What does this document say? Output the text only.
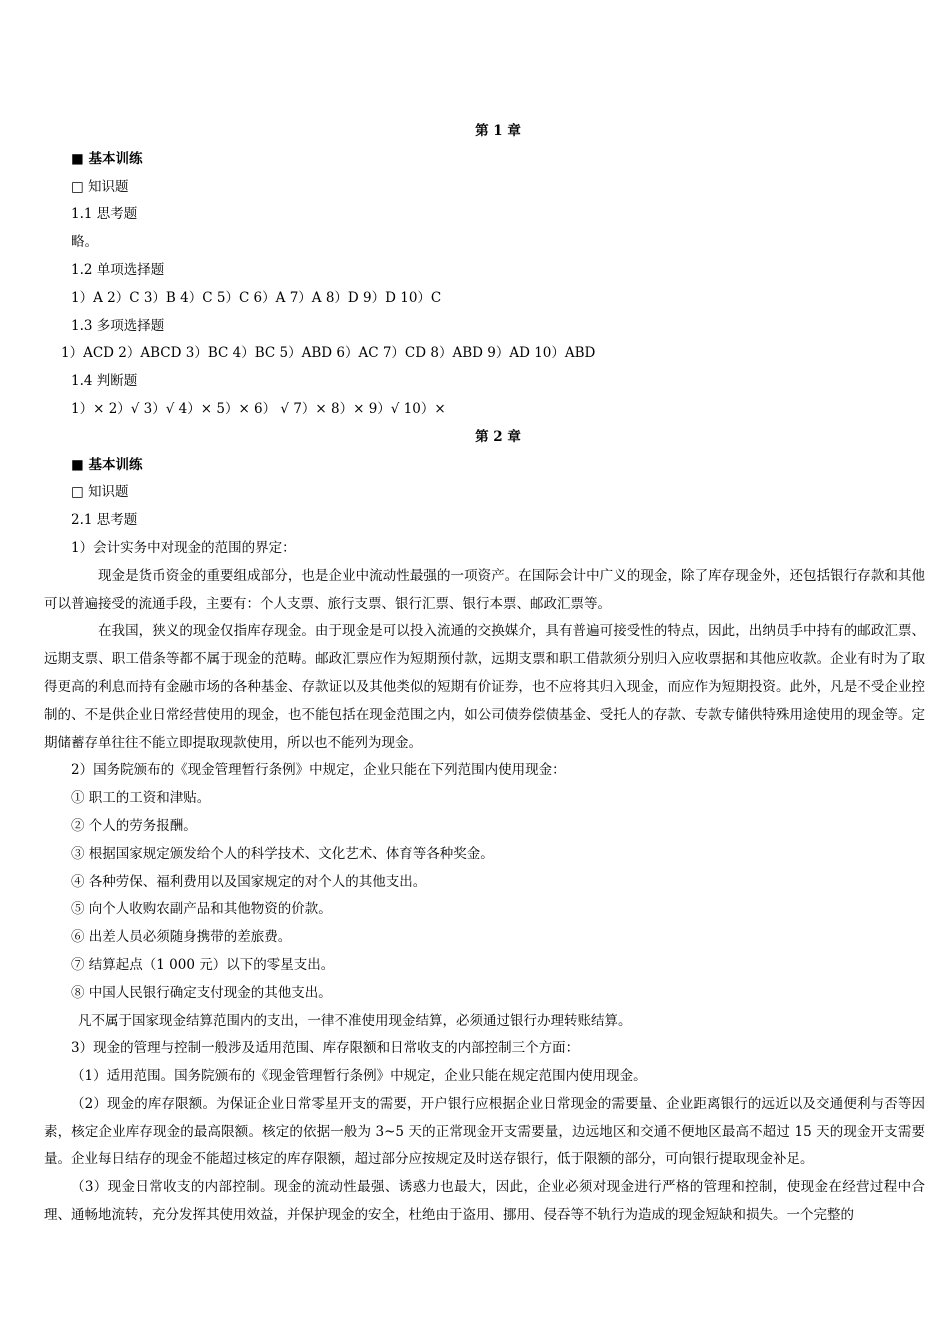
第 1 章
■ 基本训练
□ 知识题
1.1 思考题
略。
1.2 单项选择题
1）A 2）C 3）B 4）C 5）C 6）A 7）A 8）D 9）D 10）C
1.3 多项选择题
1）ACD 2）ABCD 3）BC 4）BC 5）ABD 6）AC 7）CD 8）ABD 9）AD 10）ABD
1.4 判断题
1）× 2）√ 3）√ 4）× 5）× 6） √ 7）× 8）× 9）√ 10）×
第 2 章
■ 基本训练
□ 知识题
2.1 思考题
1）会计实务中对现金的范围的界定：
现金是货币资金的重要组成部分，也是企业中流动性最强的一项资产。在国际会计中广义的现金，除了库存现金外，还包括银行存款和其他可以普遍接受的流通手段，主要有：个人支票、旅行支票、银行汇票、银行本票、邮政汇票等。
在我国，狭义的现金仅指库存现金。由于现金是可以投入流通的交换媒介，具有普遍可接受性的特点，因此，出纳员手中持有的邮政汇票、远期支票、职工借条等都不属于现金的范畴。邮政汇票应作为短期预付款，远期支票和职工借款须分别归入应收票据和其他应收款。企业有时为了取得更高的利息而持有金融市场的各种基金、存款证以及其他类似的短期有价证券，也不应将其归入现金，而应作为短期投资。此外，凡是不受企业控制的、不是供企业日常经营使用的现金，也不能包括在现金范围之内，如公司债券偿债基金、受托人的存款、专款专储供特殊用途使用的现金等。定期储蓄存单往往不能立即提取现款使用，所以也不能列为现金。
2）国务院颁布的《现金管理暂行条例》中规定，企业只能在下列范围内使用现金：
① 职工的工资和津贴。
② 个人的劳务报酬。
③ 根据国家规定颁发给个人的科学技术、文化艺术、体育等各种奖金。
④ 各种劳保、福利费用以及国家规定的对个人的其他支出。
⑤ 向个人收购农副产品和其他物资的价款。
⑥ 出差人员必须随身携带的差旅费。
⑦ 结算起点（1 000 元）以下的零星支出。
⑧ 中国人民银行确定支付现金的其他支出。
凡不属于国家现金结算范围内的支出，一律不准使用现金结算，必须通过银行办理转账结算。
3）现金的管理与控制一般涉及适用范围、库存限额和日常收支的内部控制三个方面：
（1）适用范围。国务院颁布的《现金管理暂行条例》中规定，企业只能在规定范围内使用现金。
（2）现金的库存限额。为保证企业日常零星开支的需要，开户银行应根据企业日常现金的需要量、企业距离银行的远近以及交通便利与否等因素，核定企业库存现金的最高限额。核定的依据一般为 3~5 天的正常现金开支需要量，边远地区和交通不便地区最高不超过 15 天的现金开支需要量。企业每日结存的现金不能超过核定的库存限额，超过部分应按规定及时送存银行，低于限额的部分，可向银行提取现金补足。
（3）现金日常收支的内部控制。现金的流动性最强、诱惑力也最大，因此，企业必须对现金进行严格的管理和控制，使现金在经营过程中合理、通畅地流转，充分发挥其使用效益，并保护现金的安全，杜绝由于盗用、挪用、侵吞等不轨行为造成的现金短缺和损失。一个完整的
